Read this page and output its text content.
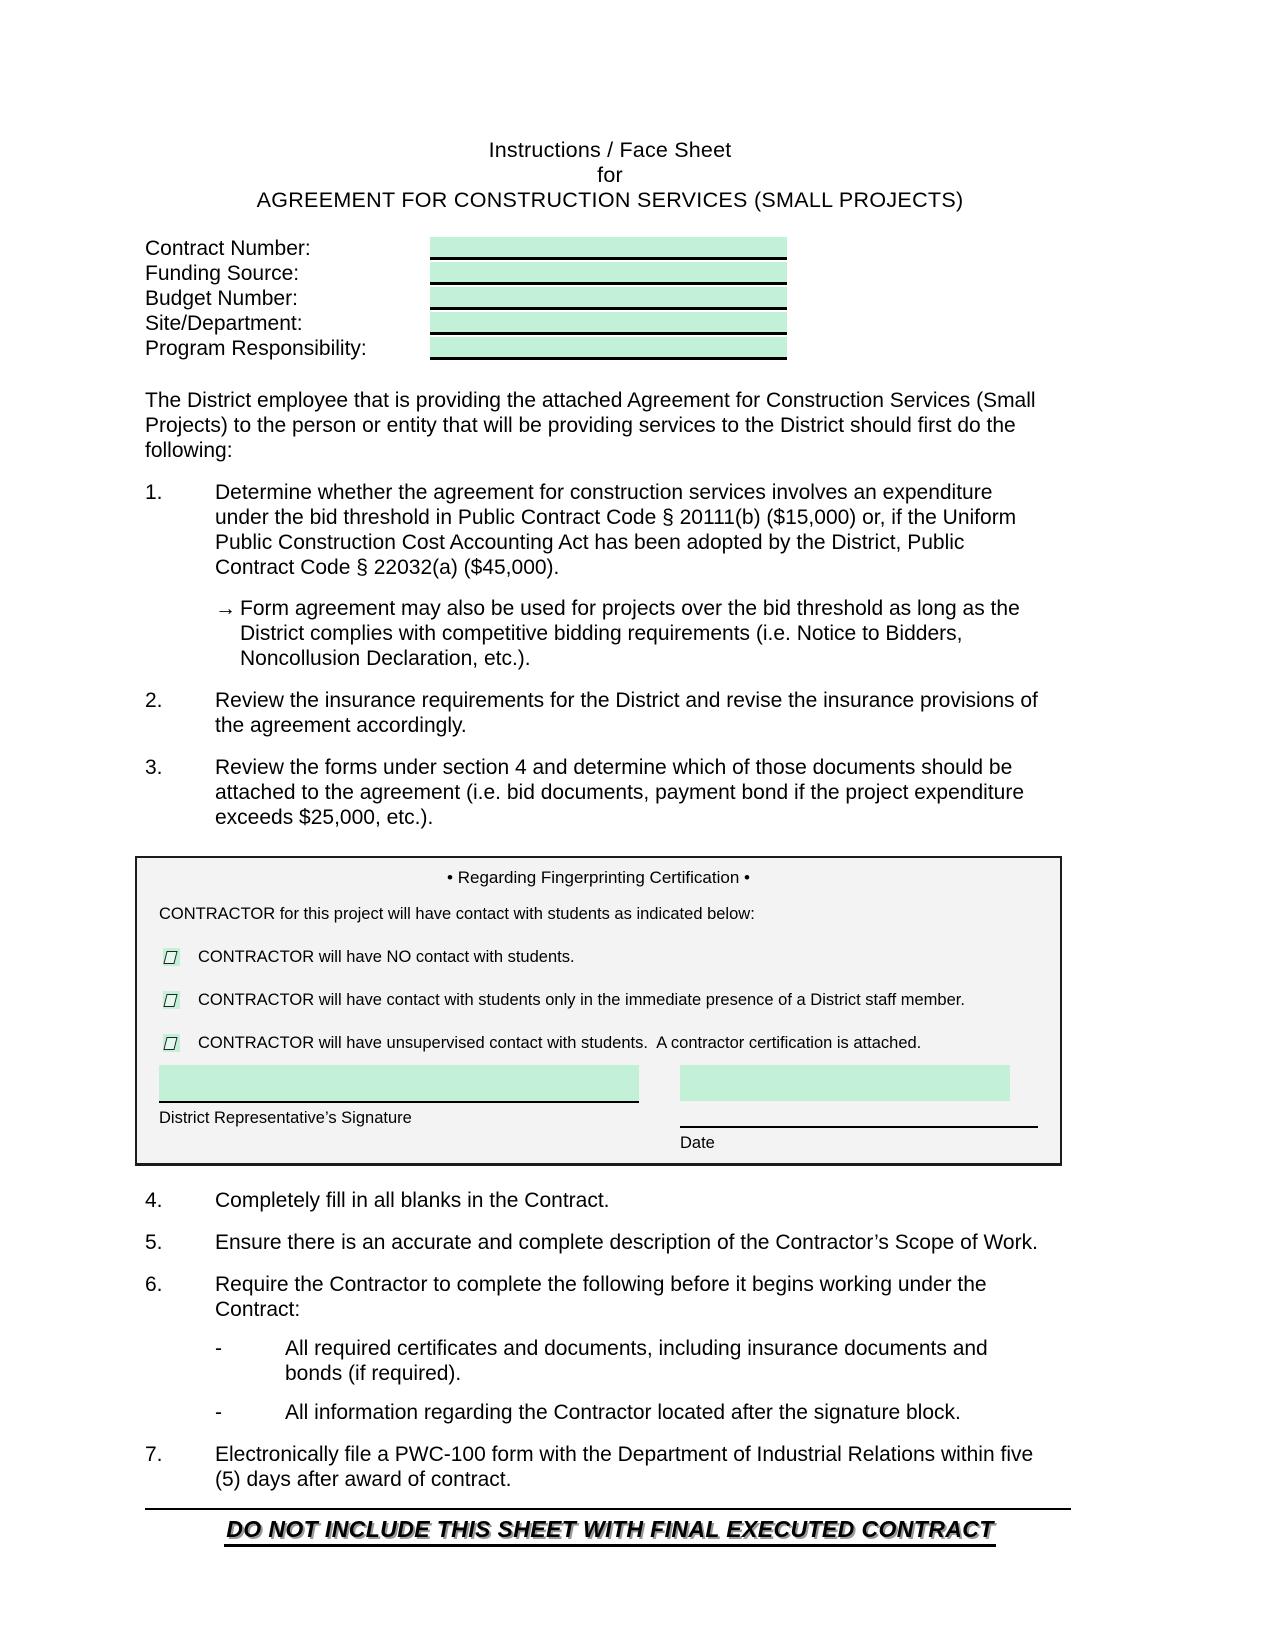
Instructions / Face Sheet
for
AGREEMENT FOR CONSTRUCTION SERVICES (SMALL PROJECTS)
Contract Number:
Funding Source:
Budget Number:
Site/Department:
Program Responsibility:
The District employee that is providing the attached Agreement for Construction Services (Small Projects) to the person or entity that will be providing services to the District should first do the following:
1.	Determine whether the agreement for construction services involves an expenditure under the bid threshold in Public Contract Code § 20111(b) ($15,000) or, if the Uniform Public Construction Cost Accounting Act has been adopted by the District, Public Contract Code § 22032(a) ($45,000).
→ Form agreement may also be used for projects over the bid threshold as long as the District complies with competitive bidding requirements (i.e. Notice to Bidders, Noncollusion Declaration, etc.).
2.	Review the insurance requirements for the District and revise the insurance provisions of the agreement accordingly.
3.	Review the forms under section 4 and determine which of those documents should be attached to the agreement (i.e. bid documents, payment bond if the project expenditure exceeds $25,000, etc.).
• Regarding Fingerprinting Certification •
CONTRACTOR for this project will have contact with students as indicated below:
CONTRACTOR will have NO contact with students.
CONTRACTOR will have contact with students only in the immediate presence of a District staff member.
CONTRACTOR will have unsupervised contact with students.  A contractor certification is attached.
District Representative’s Signature
Date
4.	Completely fill in all blanks in the Contract.
5.	Ensure there is an accurate and complete description of the Contractor’s Scope of Work.
6.	Require the Contractor to complete the following before it begins working under the Contract:
-	All required certificates and documents, including insurance documents and bonds (if required).
-	All information regarding the Contractor located after the signature block.
7.	Electronically file a PWC-100 form with the Department of Industrial Relations within five (5) days after award of contract.
DO NOT INCLUDE THIS SHEET WITH FINAL EXECUTED CONTRACT
